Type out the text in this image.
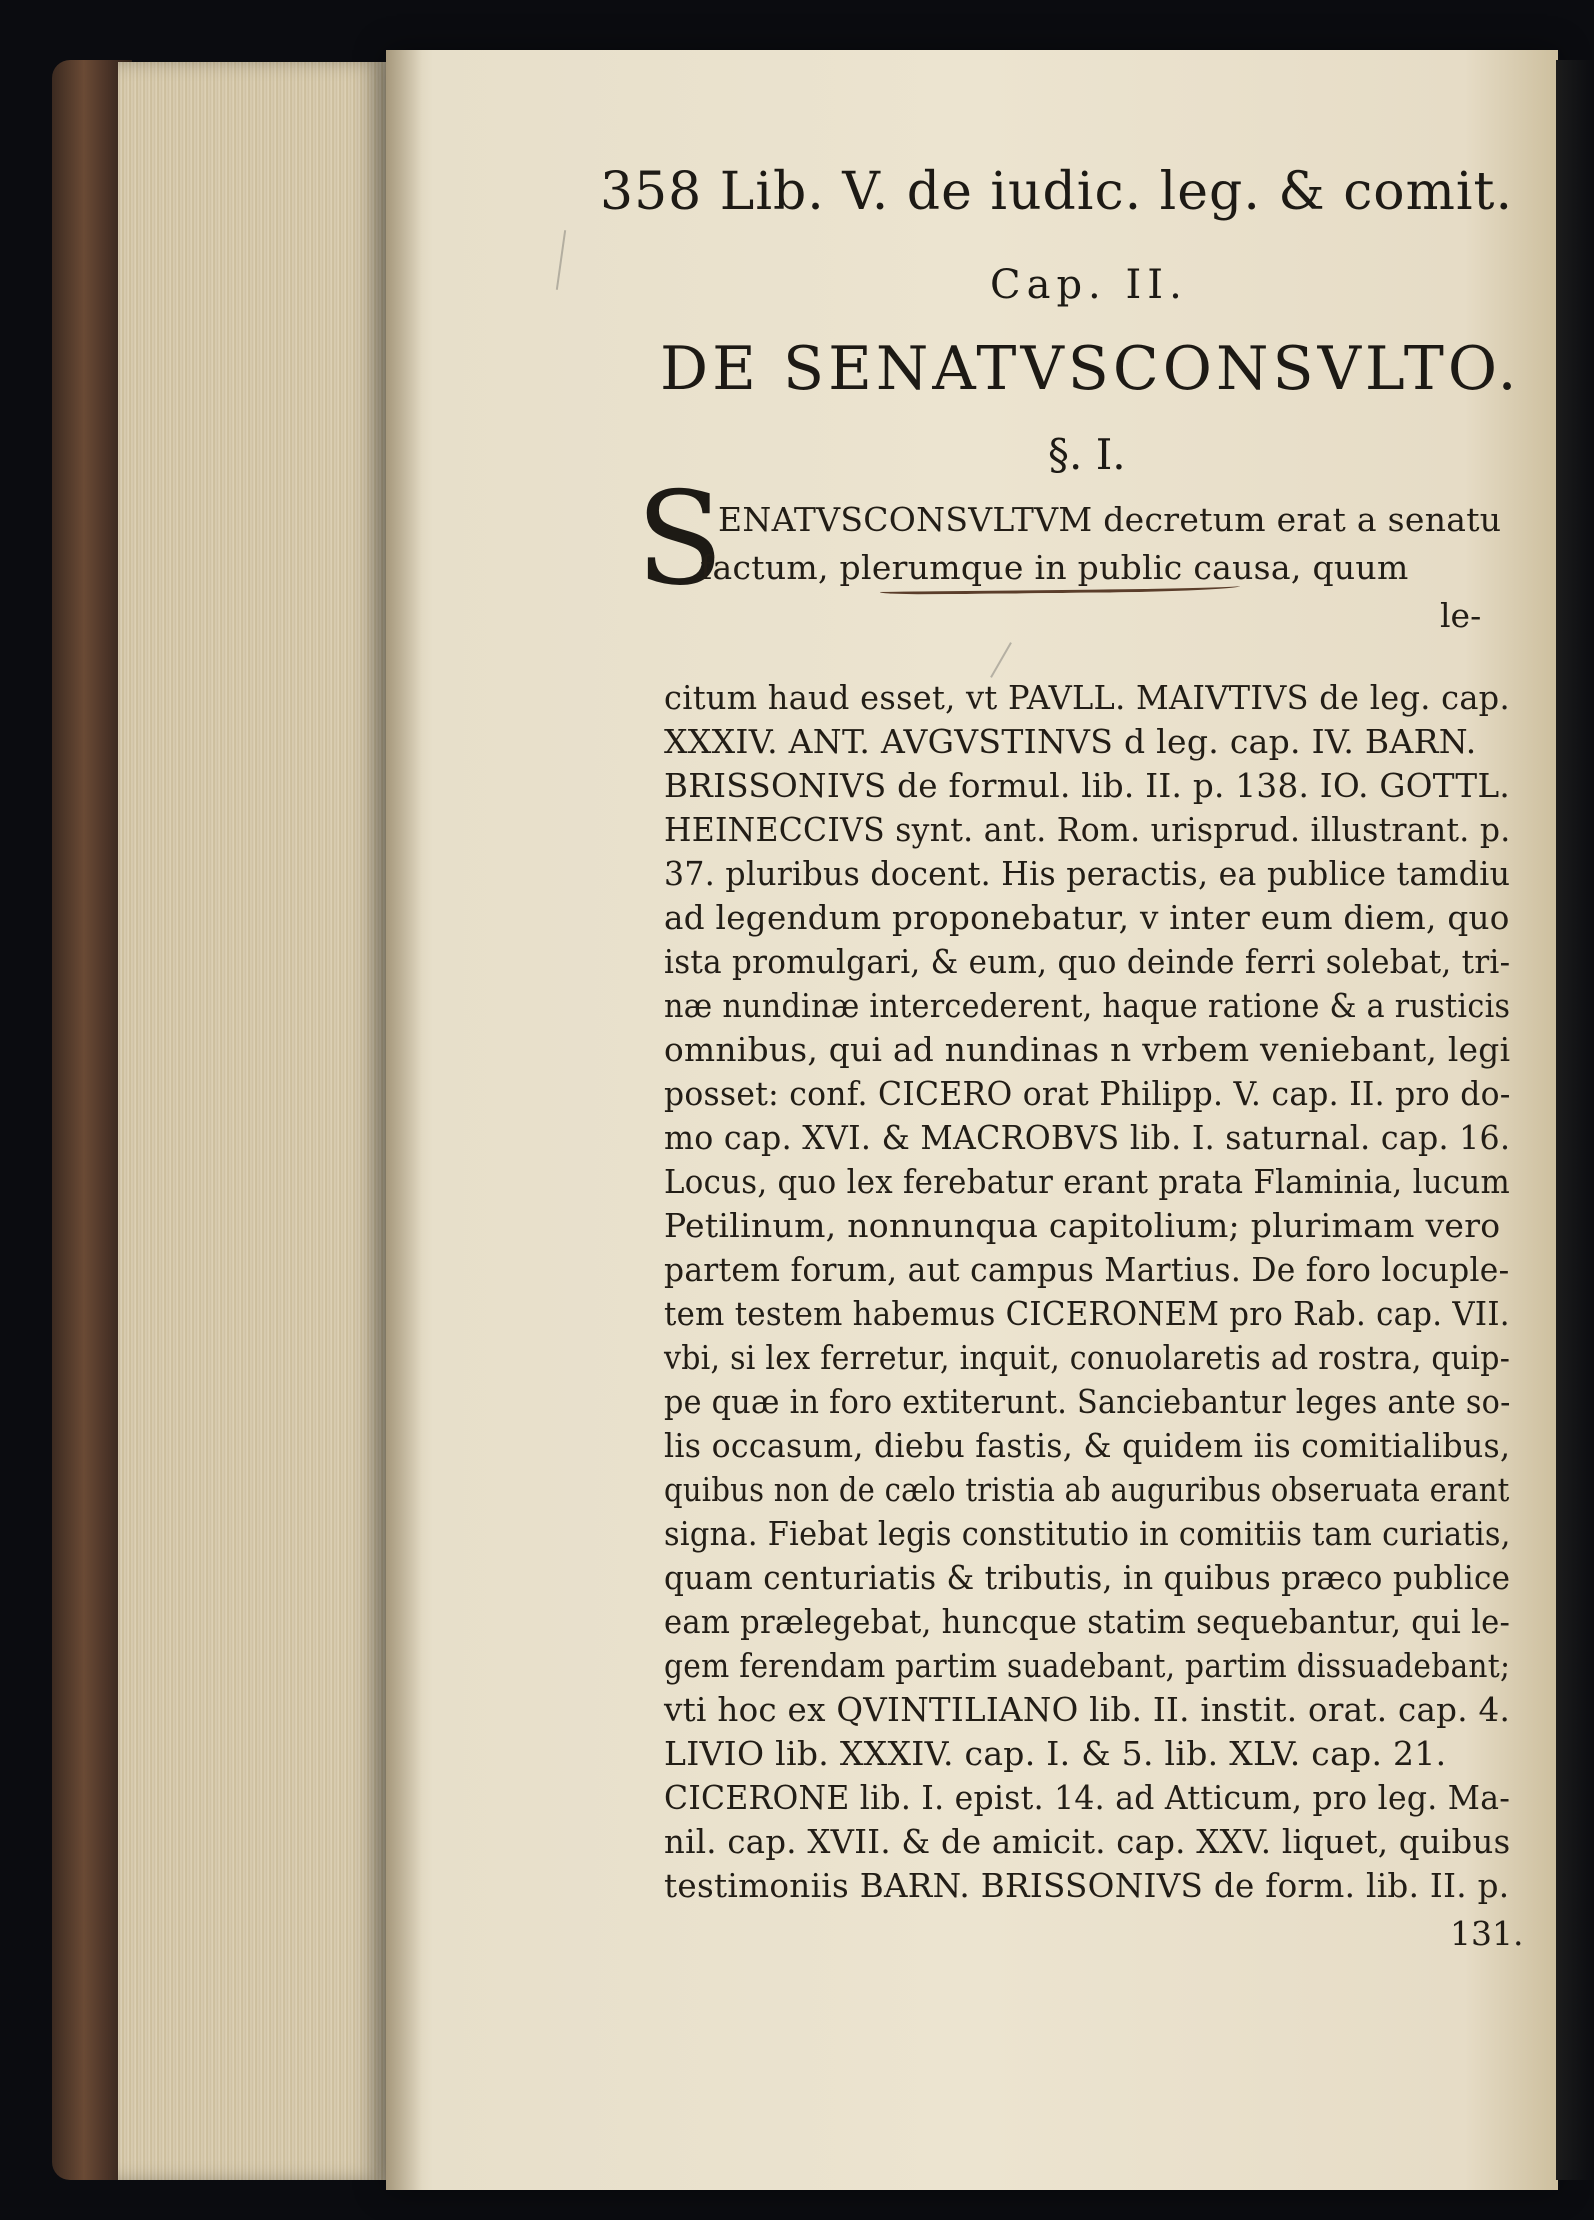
358 Lib. V. de iudic. leg. & comit.
Cap. II.
DE SENATVSCONSVLTO.
§. I.
S
ENATVSCONSVLTVM decretum erat a senatu
factum, plerumque in public causa, quum
le-
citum haud esset, vt PAVLL. MAIVTIVS de leg. cap.
XXXIV. ANT. AVGVSTINVS d leg. cap. IV. BARN.
BRISSONIVS de formul. lib. II. p. 138. IO. GOTTL.
HEINECCIVS synt. ant. Rom. urisprud. illustrant. p.
37. pluribus docent. His peractis, ea publice tamdiu
ad legendum proponebatur, v inter eum diem, quo
ista promulgari, & eum, quo deinde ferri solebat, tri-
næ nundinæ intercederent, haque ratione & a rusticis
omnibus, qui ad nundinas n vrbem veniebant, legi
posset: conf. CICERO orat Philipp. V. cap. II. pro do-
mo cap. XVI. & MACROBVS lib. I. saturnal. cap. 16.
Locus, quo lex ferebatur erant prata Flaminia, lucum
Petilinum, nonnunqua capitolium; plurimam vero
partem forum, aut campus Martius. De foro locuple-
tem testem habemus CICERONEM pro Rab. cap. VII.
vbi, si lex ferretur, inquit, conuolaretis ad rostra, quip-
pe quæ in foro extiterunt. Sanciebantur leges ante so-
lis occasum, diebu fastis, & quidem iis comitialibus,
quibus non de cælo tristia ab auguribus obseruata erant
signa. Fiebat legis constitutio in comitiis tam curiatis,
quam centuriatis & tributis, in quibus præco publice
eam prælegebat, huncque statim sequebantur, qui le-
gem ferendam partim suadebant, partim dissuadebant;
vti hoc ex QVINTILIANO lib. II. instit. orat. cap. 4.
LIVIO lib. XXXIV. cap. I. & 5. lib. XLV. cap. 21.
CICERONE lib. I. epist. 14. ad Atticum, pro leg. Ma-
nil. cap. XVII. & de amicit. cap. XXV. liquet, quibus
testimoniis BARN. BRISSONIVS de form. lib. II. p.
131.
